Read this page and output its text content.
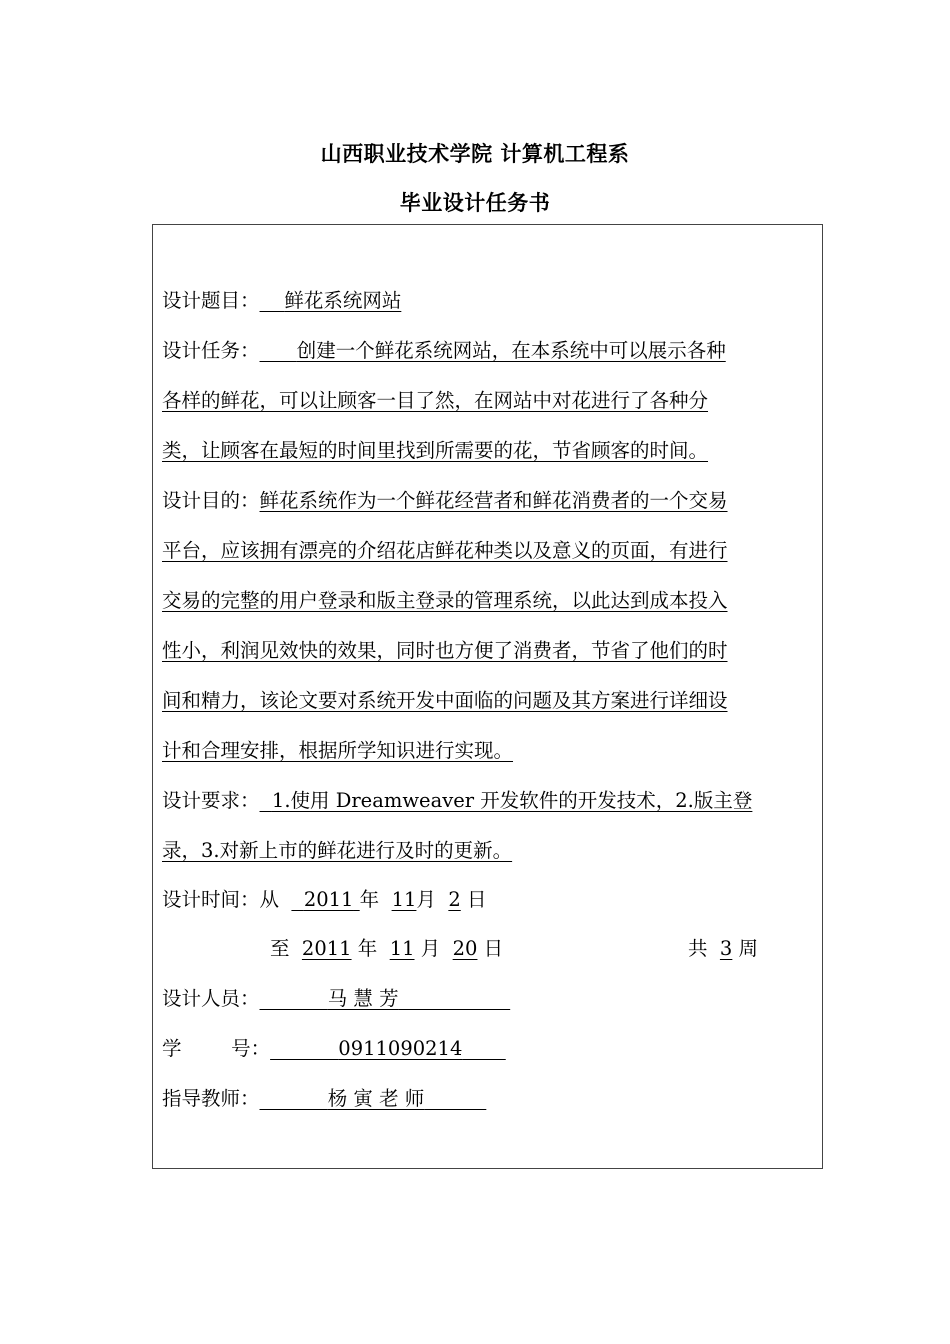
山西职业技术学院 计算机工程系
毕业设计任务书
设计题目： 鲜花系统网站
设计任务： 创建一个鲜花系统网站，在本系统中可以展示各种
各样的鲜花，可以让顾客一目了然，在网站中对花进行了各种分
类，让顾客在最短的时间里找到所需要的花，节省顾客的时间。
设计目的：鲜花系统作为一个鲜花经营者和鲜花消费者的一个交易
平台，应该拥有漂亮的介绍花店鲜花种类以及意义的页面，有进行
交易的完整的用户登录和版主登录的管理系统，以此达到成本投入
性小，利润见效快的效果，同时也方便了消费者，节省了他们的时
间和精力，该论文要对系统开发中面临的问题及其方案进行详细设
计和合理安排，根据所学知识进行实现。
设计要求： 1.使用 Dreamweaver 开发软件的开发技术，2.版主登
录，3.对新上市的鲜花进行及时的更新。
设计时间：从 2011 年 11月 2 日
至 2011 年 11 月 20 日	共 3 周
设计人员：	马 慧 芳
学        号：	0911090214
指导教师：	杨 寅 老 师
